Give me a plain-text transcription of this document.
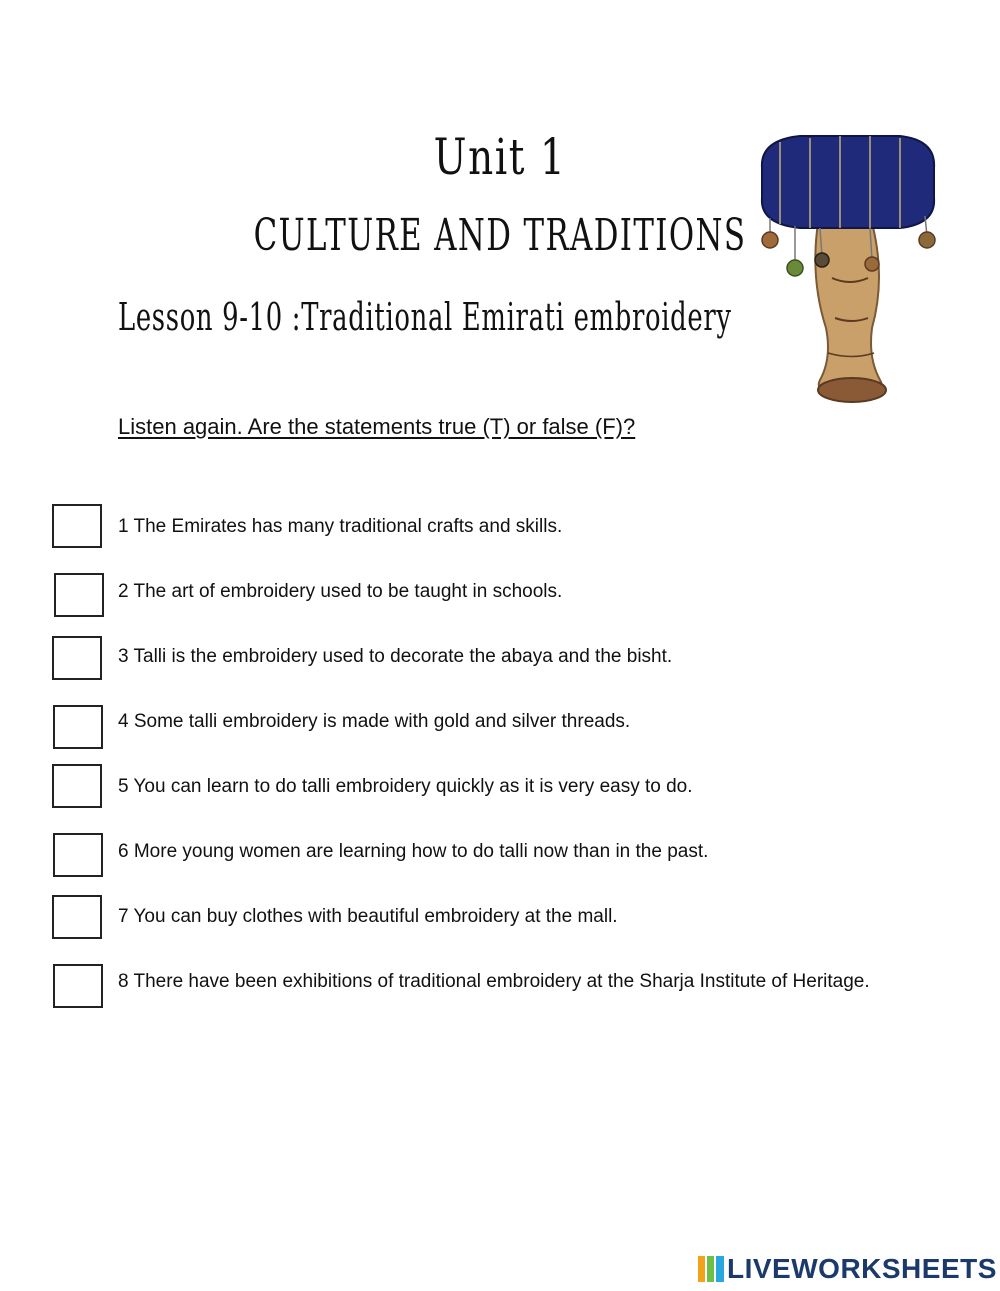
Unit 1
CULTURE AND TRADITIONS
Lesson 9-10 :Traditional Emirati embroidery
Listen again. Are the statements true (T) or false (F)?
1 The Emirates has many traditional crafts and skills.
2 The art of embroidery used to be taught in schools.
3 Talli is the embroidery used to decorate the abaya and the bisht.
4 Some talli embroidery is made with gold and silver threads.
5 You can learn to do talli embroidery quickly as it is very easy to do.
6 More young women are learning how to do talli now than in the past.
7 You can buy clothes with beautiful embroidery at the mall.
8 There have been exhibitions of traditional embroidery at the Sharja Institute of Heritage.
LIVEWORKSHEETS
